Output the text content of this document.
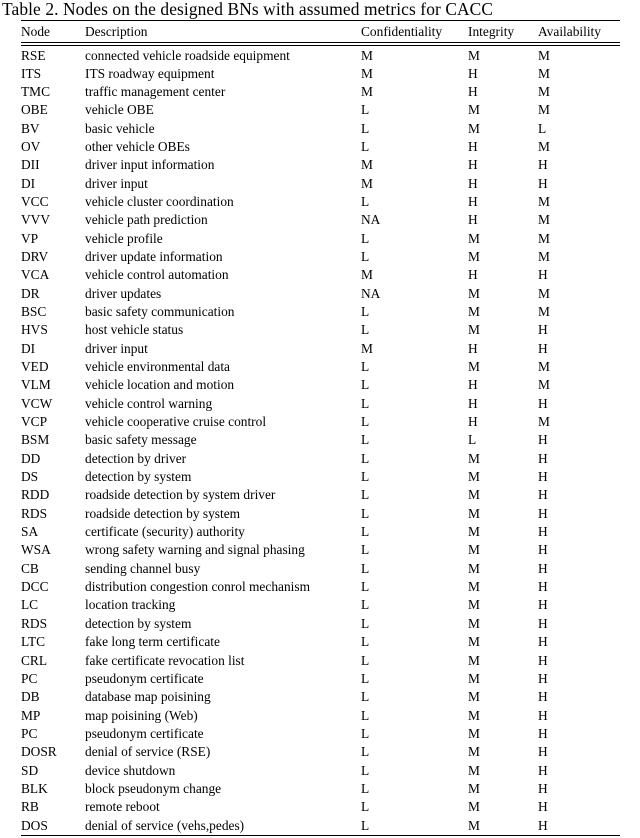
Table 2. Nodes on the designed BNs with assumed metrics for CACC
Node	Description	Confidentiality	Integrity	Availability

RSE	connected vehicle roadside equipment	M	M	M
ITS	ITS roadway equipment	M	H	M
TMC	traffic management center	M	H	M
OBE	vehicle OBE	L	M	M
BV	basic vehicle	L	M	L
OV	other vehicle OBEs	L	H	M
DII	driver input information	M	H	H
DI	driver input	M	H	H
VCC	vehicle cluster coordination	L	H	M
VVV	vehicle path prediction	NA	H	M
VP	vehicle profile	L	M	M
DRV	driver update information	L	M	M
VCA	vehicle control automation	M	H	H
DR	driver updates	NA	M	M
BSC	basic safety communication	L	M	M
HVS	host vehicle status	L	M	H
DI	driver input	M	H	H
VED	vehicle environmental data	L	M	M
VLM	vehicle location and motion	L	H	M
VCW	vehicle control warning	L	H	H
VCP	vehicle cooperative cruise control	L	H	M
BSM	basic safety message	L	L	H
DD	detection by driver	L	M	H
DS	detection by system	L	M	H
RDD	roadside detection by system driver	L	M	H
RDS	roadside detection by system	L	M	H
SA	certificate (security) authority	L	M	H
WSA	wrong safety warning and signal phasing	L	M	H
CB	sending channel busy	L	M	H
DCC	distribution congestion conrol mechanism	L	M	H
LC	location tracking	L	M	H
RDS	detection by system	L	M	H
LTC	fake long term certificate	L	M	H
CRL	fake certificate revocation list	L	M	H
PC	pseudonym certificate	L	M	H
DB	database map poisining	L	M	H
MP	map poisining (Web)	L	M	H
PC	pseudonym certificate	L	M	H
DOSR	denial of service (RSE)	L	M	H
SD	device shutdown	L	M	H
BLK	block pseudonym change	L	M	H
RB	remote reboot	L	M	H
DOS	denial of service (vehs,pedes)	L	M	H
